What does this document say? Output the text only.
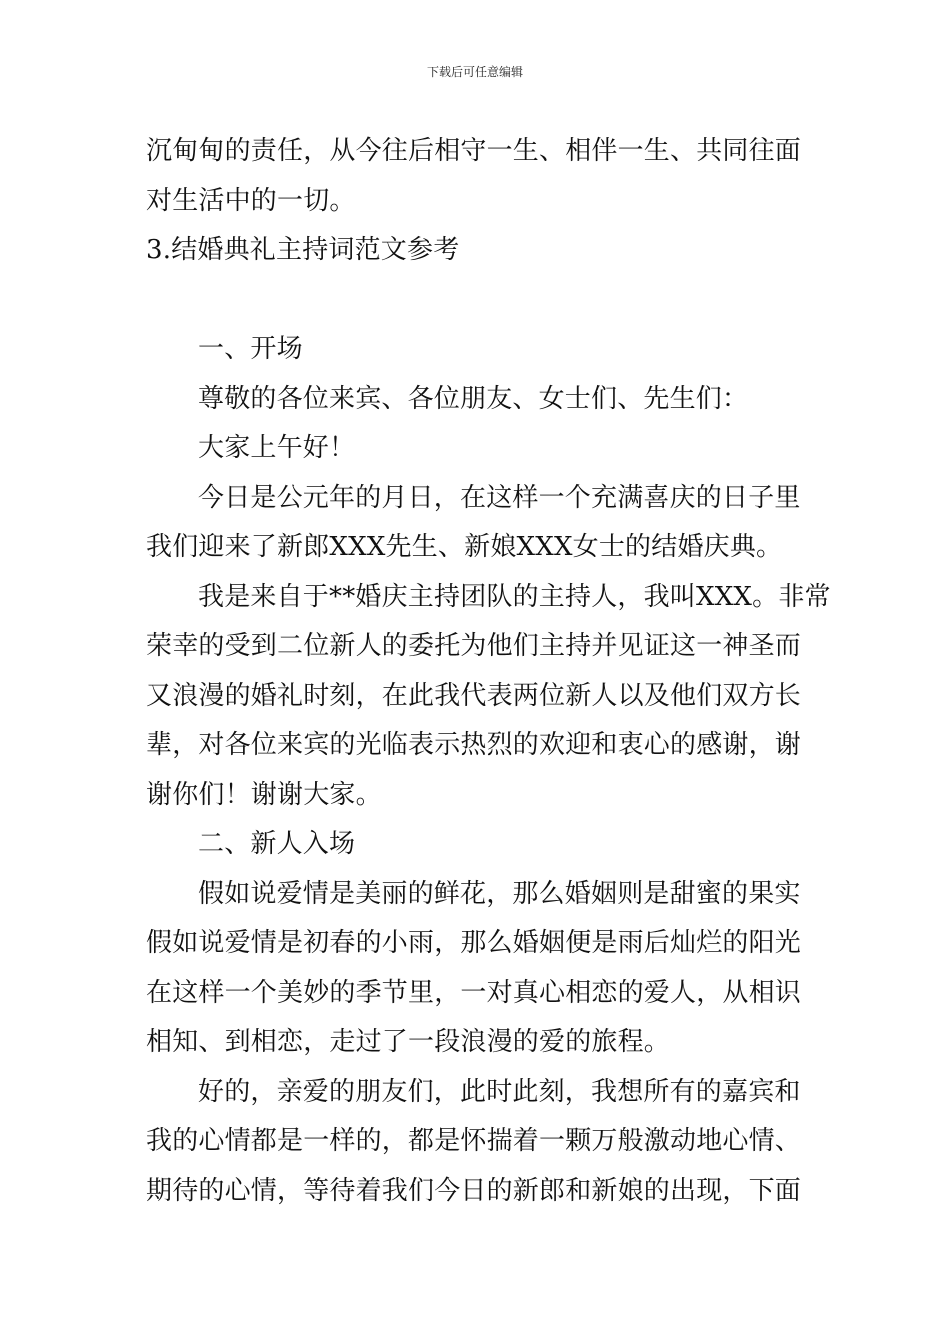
下载后可任意编辑
沉甸甸的责任，从今往后相守一生、相伴一生、共同往面
对生活中的一切。
3.结婚典礼主持词范文参考
一、开场
尊敬的各位来宾、各位朋友、女士们、先生们：
大家上午好！
今日是公元年的月日，在这样一个充满喜庆的日子里
我们迎来了新郎XXX先生、新娘XXX女士的结婚庆典。
我是来自于**婚庆主持团队的主持人，我叫XXX。非常
荣幸的受到二位新人的委托为他们主持并见证这一神圣而
又浪漫的婚礼时刻，在此我代表两位新人以及他们双方长
辈，对各位来宾的光临表示热烈的欢迎和衷心的感谢，谢
谢你们！谢谢大家。
二、新人入场
假如说爱情是美丽的鲜花，那么婚姻则是甜蜜的果实
假如说爱情是初春的小雨，那么婚姻便是雨后灿烂的阳光
在这样一个美妙的季节里，一对真心相恋的爱人，从相识
相知、到相恋，走过了一段浪漫的爱的旅程。
好的，亲爱的朋友们，此时此刻，我想所有的嘉宾和
我的心情都是一样的，都是怀揣着一颗万般激动地心情、
期待的心情，等待着我们今日的新郎和新娘的出现，下面
